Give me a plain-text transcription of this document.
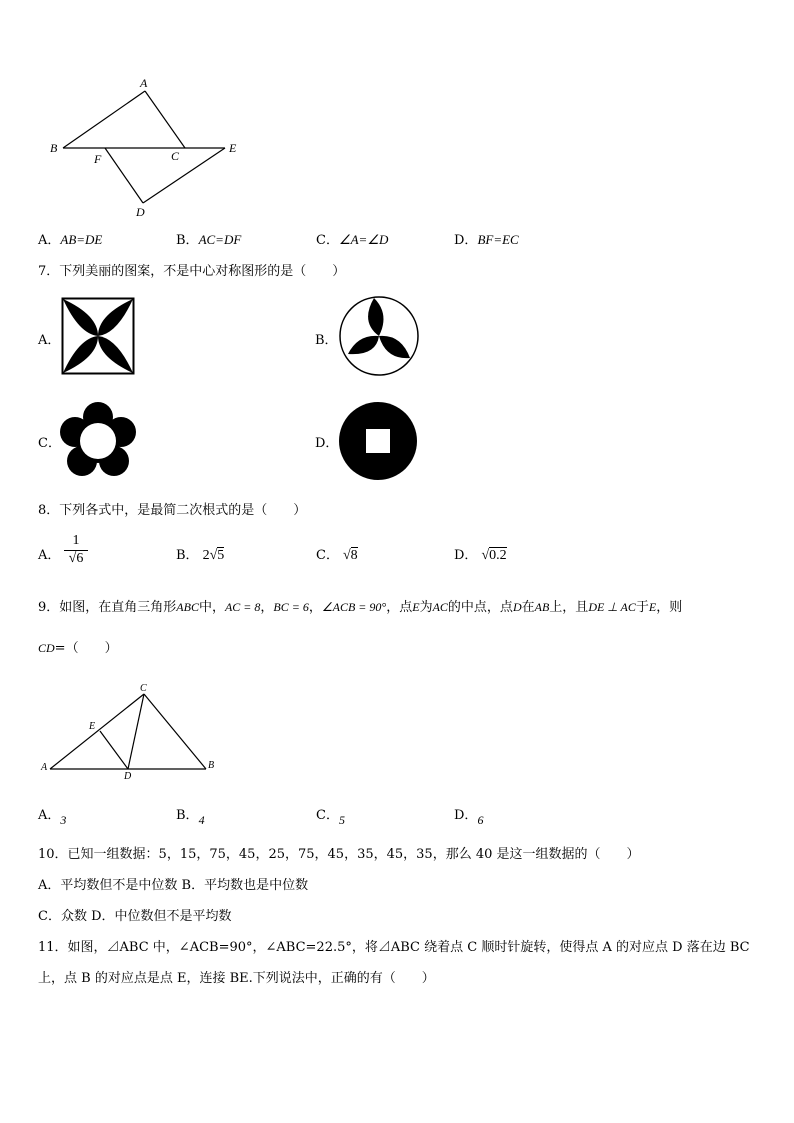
A
B
C
E
F
D
A．AB=DE	B．AC=DF	C．∠A=∠D	D．BF=EC
7．下列美丽的图案，不是中心对称图形的是（　　）
A．	B．
C．	D．
8．下列各式中，是最简二次根式的是（　　）
A．
1
√6	B． 2√5	C． √8	D． √0.2
9．如图，在直角三角形ABC中，AC = 8，BC = 6，∠ACB = 90°，点E为AC的中点，点D在AB上，且DE ⊥ AC于E，则
CD=（　　）
C
E
A
D
B
A．3	B．4	C．5	D．6
10．已知一组数据：5，15，75，45，25，75，45，35，45，35，那么 40 是这一组数据的（　　）
A．平均数但不是中位数 B．平均数也是中位数
C．众数 D．中位数但不是平均数
11．如图，⊿ABC 中，∠ACB=90°，∠ABC=22.5°，将⊿ABC 绕着点 C 顺时针旋转，使得点 A 的对应点 D 落在边 BC
上，点 B 的对应点是点 E，连接 BE.下列说法中，正确的有（　　）
